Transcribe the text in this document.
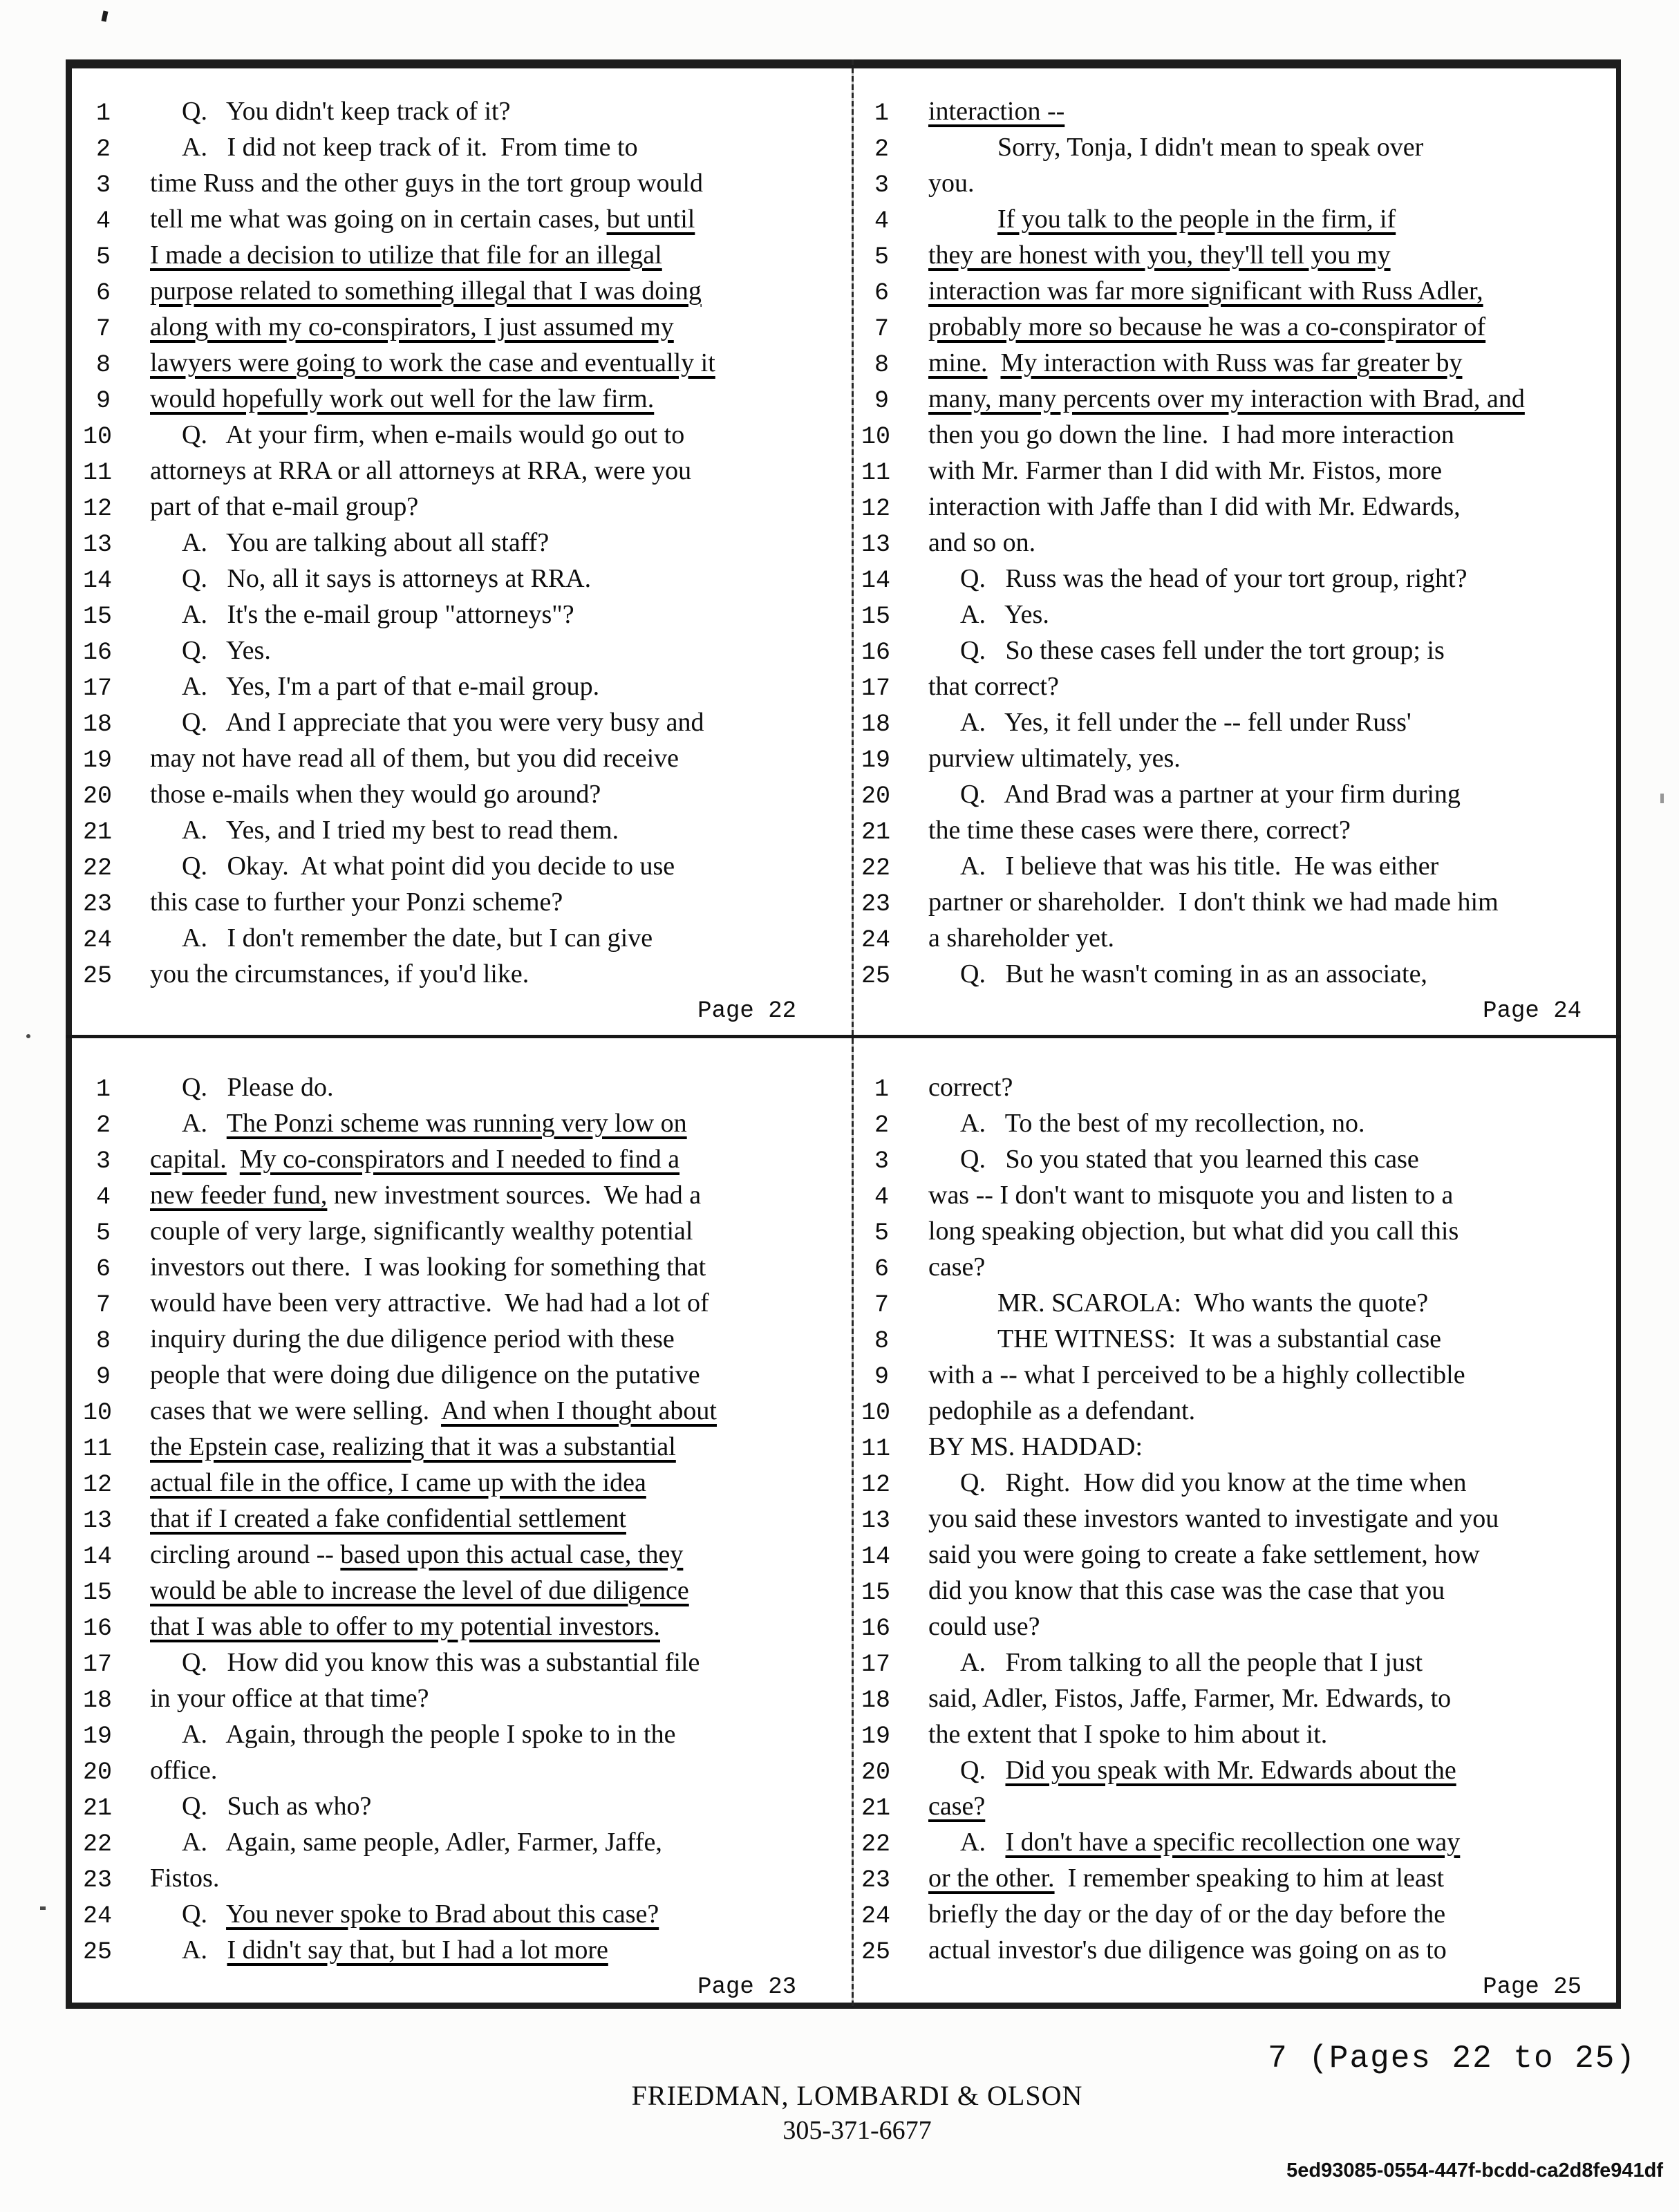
1	Q.   You didn't keep track of it?
2	A.   I did not keep track of it.  From time to
3 time Russ and the other guys in the tort group would
4 tell me what was going on in certain cases, but until
5 I made a decision to utilize that file for an illegal
6 purpose related to something illegal that I was doing
7 along with my co-conspirators, I just assumed my
8 lawyers were going to work the case and eventually it
9 would hopefully work out well for the law firm.
10	Q.   At your firm, when e-mails would go out to
11 attorneys at RRA or all attorneys at RRA, were you
12 part of that e-mail group?
13	A.   You are talking about all staff?
14	Q.   No, all it says is attorneys at RRA.
15	A.   It's the e-mail group "attorneys"?
16	Q.   Yes.
17	A.   Yes, I'm a part of that e-mail group.
18	Q.   And I appreciate that you were very busy and
19 may not have read all of them, but you did receive
20 those e-mails when they would go around?
21	A.   Yes, and I tried my best to read them.
22	Q.   Okay.  At what point did you decide to use
23 this case to further your Ponzi scheme?
24	A.   I don't remember the date, but I can give
25 you the circumstances, if you'd like.
Page 22
1 interaction --
2	Sorry, Tonja, I didn't mean to speak over
3 you.
4	If you talk to the people in the firm, if
5 they are honest with you, they'll tell you my
6 interaction was far more significant with Russ Adler,
7 probably more so because he was a co-conspirator of
8 mine. My interaction with Russ was far greater by
9 many, many percents over my interaction with Brad, and
10 then you go down the line.  I had more interaction
11 with Mr. Farmer than I did with Mr. Fistos, more
12 interaction with Jaffe than I did with Mr. Edwards,
13 and so on.
14	Q.   Russ was the head of your tort group, right?
15	A.   Yes.
16	Q.   So these cases fell under the tort group; is
17 that correct?
18	A.   Yes, it fell under the -- fell under Russ'
19 purview ultimately, yes.
20	Q.   And Brad was a partner at your firm during
21 the time these cases were there, correct?
22	A.   I believe that was his title.  He was either
23 partner or shareholder.  I don't think we had made him
24 a shareholder yet.
25	Q.   But he wasn't coming in as an associate,
Page 24
1	Q.   Please do.
2	A.   The Ponzi scheme was running very low on
3 capital. My co-conspirators and I needed to find a
4 new feeder fund, new investment sources.  We had a
5 couple of very large, significantly wealthy potential
6 investors out there.  I was looking for something that
7 would have been very attractive.  We had had a lot of
8 inquiry during the due diligence period with these
9 people that were doing due diligence on the putative
10 cases that we were selling.  And when I thought about
11 the Epstein case, realizing that it was a substantial
12 actual file in the office, I came up with the idea
13 that if I created a fake confidential settlement
14 circling around -- based upon this actual case, they
15 would be able to increase the level of due diligence
16 that I was able to offer to my potential investors.
17	Q.   How did you know this was a substantial file
18 in your office at that time?
19	A.   Again, through the people I spoke to in the
20 office.
21	Q.   Such as who?
22	A.   Again, same people, Adler, Farmer, Jaffe,
23 Fistos.
24	Q.   You never spoke to Brad about this case?
25	A.   I didn't say that, but I had a lot more
Page 23
1 correct?
2	A.   To the best of my recollection, no.
3	Q.   So you stated that you learned this case
4 was -- I don't want to misquote you and listen to a
5 long speaking objection, but what did you call this
6 case?
7	MR. SCAROLA:  Who wants the quote?
8	THE WITNESS:  It was a substantial case
9 with a -- what I perceived to be a highly collectible
10 pedophile as a defendant.
11 BY MS. HADDAD:
12	Q.   Right.  How did you know at the time when
13 you said these investors wanted to investigate and you
14 said you were going to create a fake settlement, how
15 did you know that this case was the case that you
16 could use?
17	A.   From talking to all the people that I just
18 said, Adler, Fistos, Jaffe, Farmer, Mr. Edwards, to
19 the extent that I spoke to him about it.
20	Q.   Did you speak with Mr. Edwards about the
21 case?
22	A.   I don't have a specific recollection one way
23 or the other.  I remember speaking to him at least
24 briefly the day or the day of or the day before the
25 actual investor's due diligence was going on as to
Page 25
7 (Pages 22 to 25)
FRIEDMAN, LOMBARDI & OLSON
305-371-6677
5ed93085-0554-447f-bcdd-ca2d8fe941df
